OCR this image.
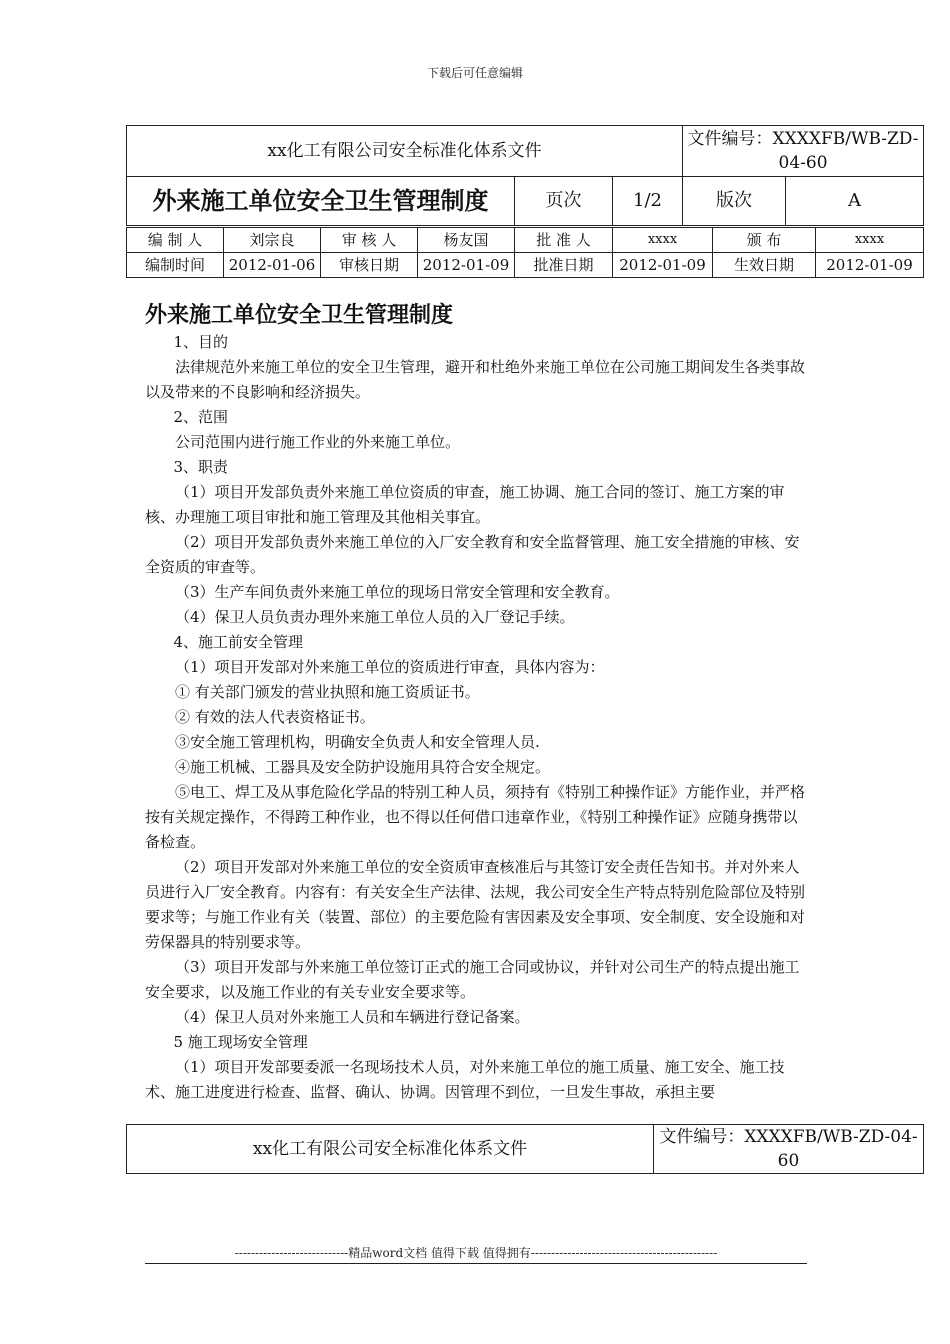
下载后可任意编辑
xx化工有限公司安全标准化体系文件			文件编号：XXXXFB/WB-ZD-04-60	
外来施工单位安全卫生管理制度	页次	1/2	版次	A
编 制 人	刘宗良	审 核 人	杨友国	批 准 人	xxxx	颁 布	xxxx
编制时间	2012-01-06	审核日期	2012-01-09	批准日期	2012-01-09	生效日期	2012-01-09
外来施工单位安全卫生管理制度

1、目的

法律规范外来施工单位的安全卫生管理，避开和杜绝外来施工单位在公司施工期间发生各类事故以及带来的不良影响和经济损失。

2、范围

公司范围内进行施工作业的外来施工单位。

3、职责

（1）项目开发部负责外来施工单位资质的审查，施工协调、施工合同的签订、施工方案的审核、办理施工项目审批和施工管理及其他相关事宜。

（2）项目开发部负责外来施工单位的入厂安全教育和安全监督管理、施工安全措施的审核、安全资质的审查等。

（3）生产车间负责外来施工单位的现场日常安全管理和安全教育。

（4）保卫人员负责办理外来施工单位人员的入厂登记手续。

4、施工前安全管理

（1）项目开发部对外来施工单位的资质进行审查，具体内容为：

① 有关部门颁发的营业执照和施工资质证书。

② 有效的法人代表资格证书。

③安全施工管理机构，明确安全负责人和安全管理人员.

④施工机械、工器具及安全防护设施用具符合安全规定。

⑤电工、焊工及从事危险化学品的特别工种人员，须持有《特别工种操作证》方能作业，并严格按有关规定操作，不得跨工种作业，也不得以任何借口违章作业，《特别工种操作证》应随身携带以备检查。

（2）项目开发部对外来施工单位的安全资质审查核准后与其签订安全责任告知书。并对外来人员进行入厂安全教育。内容有：有关安全生产法律、法规，我公司安全生产特点特别危险部位及特别要求等；与施工作业有关（装置、部位）的主要危险有害因素及安全事项、安全制度、安全设施和对劳保器具的特别要求等。

（3）项目开发部与外来施工单位签订正式的施工合同或协议，并针对公司生产的特点提出施工安全要求，以及施工作业的有关专业安全要求等。

（4）保卫人员对外来施工人员和车辆进行登记备案。

5 施工现场安全管理

（1）项目开发部要委派一名现场技术人员，对外来施工单位的施工质量、施工安全、施工技术、施工进度进行检查、监督、确认、协调。因管理不到位，一旦发生事故，承担主要

xx化工有限公司安全标准化体系文件	文件编号：XXXXFB/WB-ZD-04-60
----------------------------精品word文档 值得下载 值得拥有----------------------------------------------
